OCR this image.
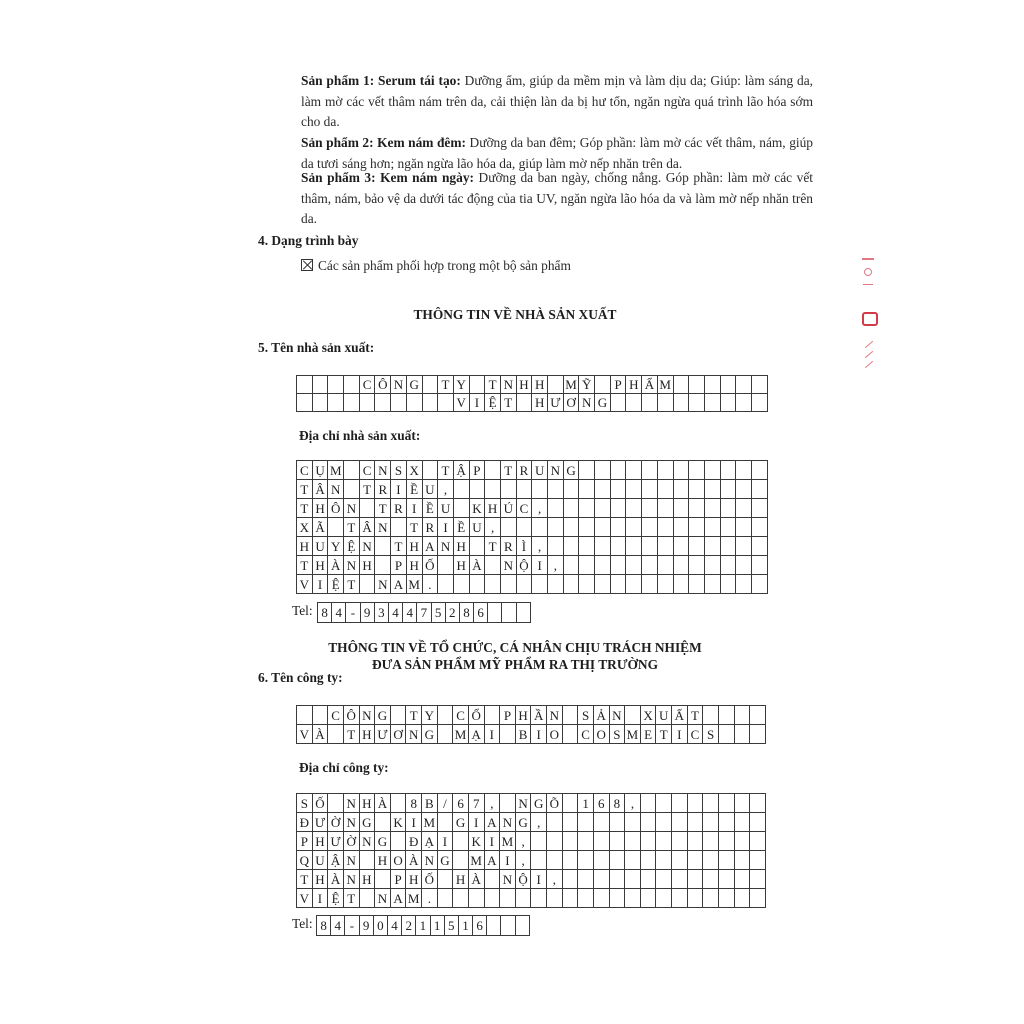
Sản phẩm 1: Serum tái tạo: Dưỡng ẩm, giúp da mềm mịn và làm dịu da; Giúp: làm sáng da, làm mờ các vết thâm nám trên da, cải thiện làn da bị hư tổn, ngăn ngừa quá trình lão hóa sớm cho da.

Sản phẩm 2: Kem nám đêm: Dưỡng da ban đêm; Góp phần: làm mờ các vết thâm, nám, giúp da tươi sáng hơn; ngăn ngừa lão hóa da, giúp làm mờ nếp nhăn trên da.

Sản phẩm 3: Kem nám ngày: Dưỡng da ban ngày, chống nắng. Góp phần: làm mờ các vết thâm, nám, bảo vệ da dưới tác động của tia UV, ngăn ngừa lão hóa da và làm mờ nếp nhăn trên da.

4. Dạng trình bày

Các sản phẩm phối hợp trong một bộ sản phẩm

THÔNG TIN VỀ NHÀ SẢN XUẤT

5. Tên nhà sản xuất:

				C	Ô	N	G		T	Y		T	N	H	H		M	Ỹ		P	H	Ẩ	M						
										V	I	Ệ	T		H	Ư	Ơ	N	G										

Địa chỉ nhà sản xuất:

C	Ụ	M		C	N	S	X		T	Ậ	P		T	R	U	N	G												
T	Â	N		T	R	I	Ề	U	,																				
T	H	Ô	N		T	R	I	Ề	U		K	H	Ú	C	,														
X	Ã		T	Â	N		T	R	I	Ề	U	,																	
H	U	Y	Ệ	N		T	H	A	N	H		T	R	Ì	,														
T	H	À	N	H		P	H	Ố		H	À		N	Ộ	I	,													
V	I	Ệ	T		N	A	M	.																					
Tel: 8	4	-	9	3	4	4	7	5	2	8	6			

THÔNG TIN VỀ TỔ CHỨC, CÁ NHÂN CHỊU TRÁCH NHIỆM
ĐƯA SẢN PHẨM MỸ PHẨM RA THỊ TRƯỜNG

6. Tên công ty:

		C	Ô	N	G		T	Y		C	Ổ		P	H	Ầ	N		S	Ả	N		X	U	Ấ	T				
V	À		T	H	Ư	Ơ	N	G		M	Ạ	I		B	I	O		C	O	S	M	E	T	I	C	S			

Địa chỉ công ty:

S	Ố		N	H	À		8	B	/	6	7	,		N	G	Õ		1	6	8	,								
Đ	Ư	Ờ	N	G		K	I	M		G	I	A	N	G	,														
P	H	Ư	Ờ	N	G		Đ	Ạ	I		K	I	M	,															
Q	U	Ậ	N		H	O	À	N	G		M	A	I	,															
T	H	À	N	H		P	H	Ố		H	À		N	Ộ	I	,													
V	I	Ệ	T		N	A	M	.																					
Tel: 8	4	-	9	0	4	2	1	1	5	1	6			
